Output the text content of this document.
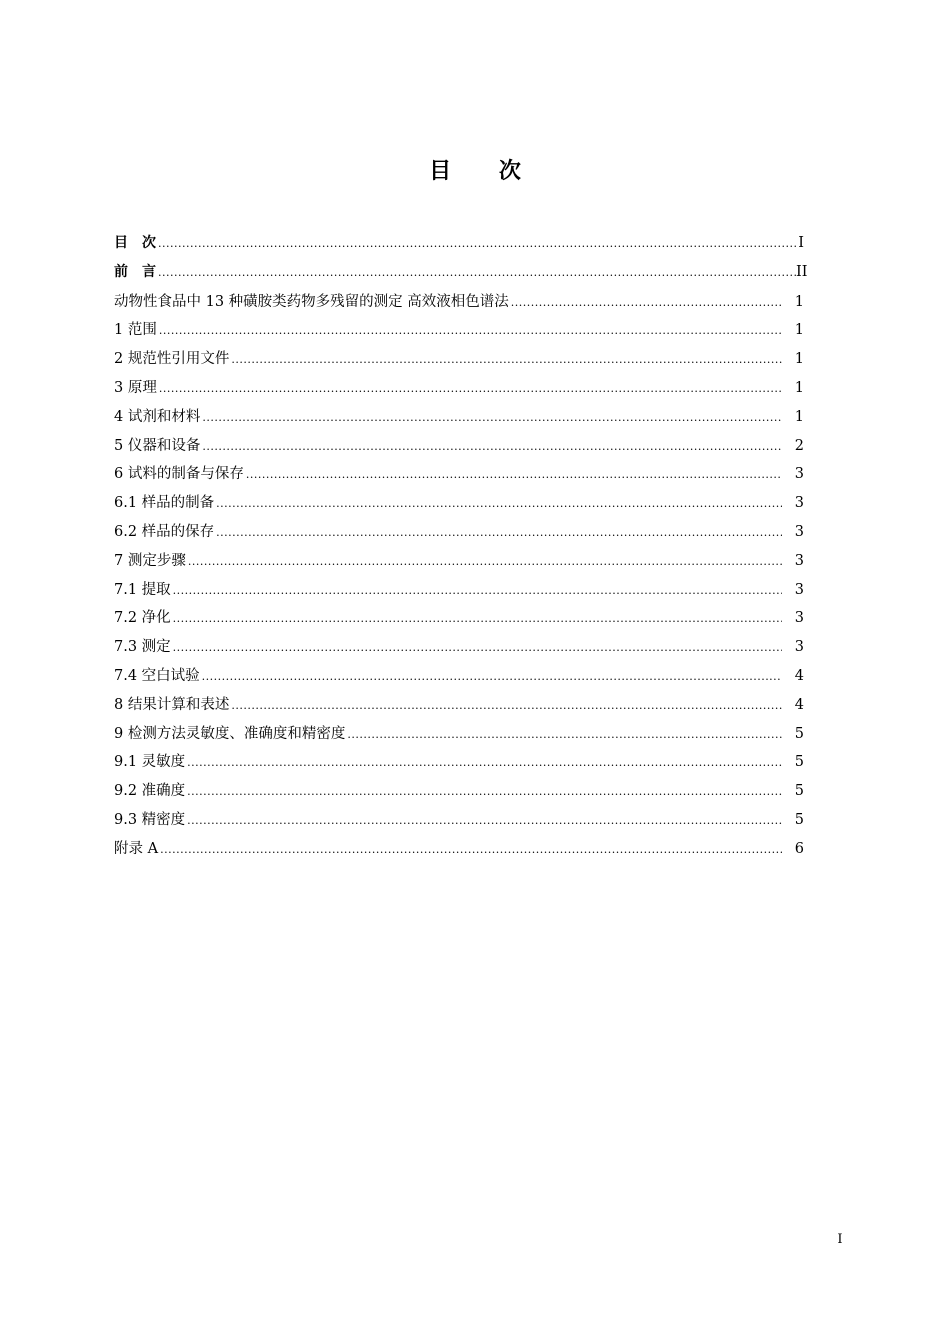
目 次
目　次 .....	I
前　言 .....	II
动物性食品中 13 种磺胺类药物多残留的测定 高效液相色谱法 .....	1
1 范围 .....	1
2 规范性引用文件 .....	1
3 原理 .....	1
4 试剂和材料 .....	1
5 仪器和设备 .....	2
6 试料的制备与保存 .....	3
6.1 样品的制备 .....	3
6.2 样品的保存 .....	3
7 测定步骤 .....	3
7.1 提取 .....	3
7.2 净化 .....	3
7.3 测定 .....	3
7.4 空白试验 .....	4
8 结果计算和表述 .....	4
9 检测方法灵敏度、准确度和精密度 .....	5
9.1 灵敏度 .....	5
9.2 准确度 .....	5
9.3 精密度 .....	5
附录 A .....	6
I
